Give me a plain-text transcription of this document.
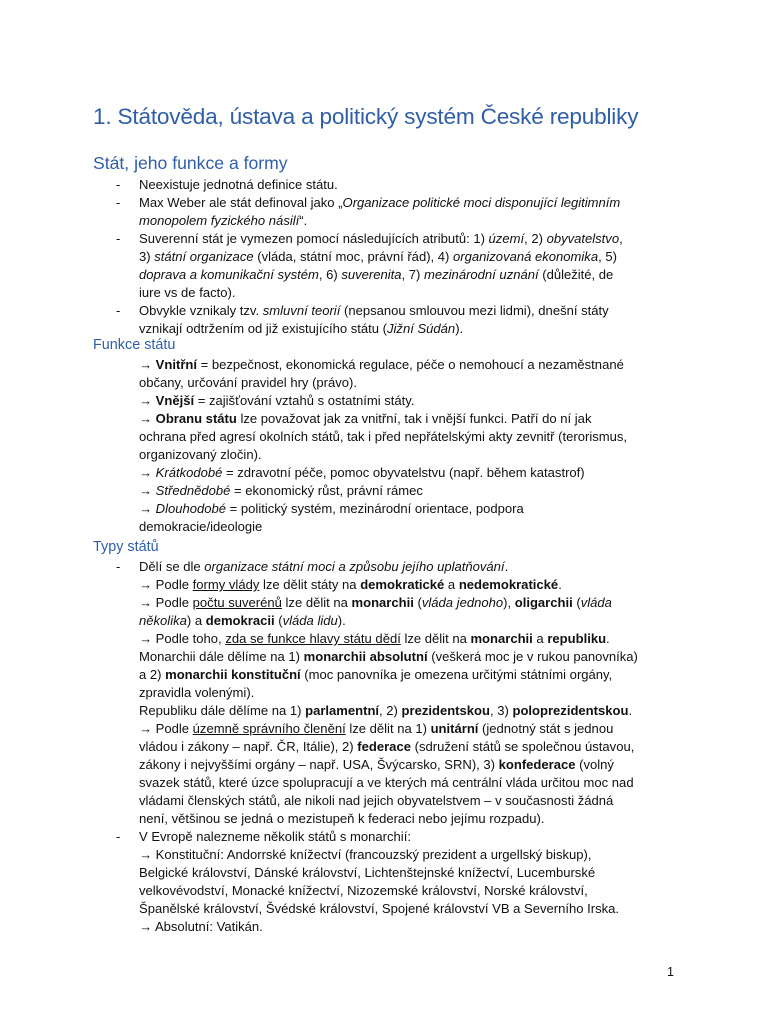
1. Státověda, ústava a politický systém České republiky
Stát, jeho funkce a formy
- Neexistuje jednotná definice státu.
- Max Weber ale stát definoval jako „Organizace politické moci disponující legitimním
monopolem fyzického násilí“.
- Suverenní stát je vymezen pomocí následujících atributů: 1) území, 2) obyvatelstvo,
3) státní organizace (vláda, státní moc, právní řád), 4) organizovaná ekonomika, 5)
doprava a komunikační systém, 6) suverenita, 7) mezinárodní uznání (důležité, de
iure vs de facto).
- Obvykle vznikaly tzv. smluvní teorií (nepsanou smlouvou mezi lidmi), dnešní státy
vznikají odtržením od již existujícího státu (Jižní Súdán).
Funkce státu
→ Vnitřní = bezpečnost, ekonomická regulace, péče o nemohoucí a nezaměstnané
občany, určování pravidel hry (právo).
→ Vnější = zajišťování vztahů s ostatními státy.
→ Obranu státu lze považovat jak za vnitřní, tak i vnější funkci. Patří do ní jak
ochrana před agresí okolních států, tak i před nepřátelskými akty zevnitř (terorismus,
organizovaný zločin).
→ Krátkodobé = zdravotní péče, pomoc obyvatelstvu (např. během katastrof)
→ Střednědobé = ekonomický růst, právní rámec
→ Dlouhodobé = politický systém, mezinárodní orientace, podpora
demokracie/ideologie
Typy států
- Dělí se dle organizace státní moci a způsobu jejího uplatňování.
→ Podle formy vlády lze dělit státy na demokratické a nedemokratické.
→ Podle počtu suverénů lze dělit na monarchii (vláda jednoho), oligarchii (vláda
několika) a demokracii (vláda lidu).
→ Podle toho, zda se funkce hlavy státu dědí lze dělit na monarchii a republiku.
Monarchii dále dělíme na 1) monarchii absolutní (veškerá moc je v rukou panovníka)
a 2) monarchii konstituční (moc panovníka je omezena určitými státními orgány,
zpravidla volenými).
Republiku dále dělíme na 1) parlamentní, 2) prezidentskou, 3) poloprezidentskou.
→ Podle územně správního členění lze dělit na 1) unitární (jednotný stát s jednou
vládou i zákony – např. ČR, Itálie), 2) federace (sdružení států se společnou ústavou,
zákony i nejvyššími orgány – např. USA, Švýcarsko, SRN), 3) konfederace (volný
svazek států, které úzce spolupracují a ve kterých má centrální vláda určitou moc nad
vládami členských států, ale nikoli nad jejich obyvatelstvem – v současnosti žádná
není, většinou se jedná o mezistupeň k federaci nebo jejímu rozpadu).
- V Evropě nalezneme několik států s monarchií:
→ Konstituční: Andorrské knížectví (francouzský prezident a urgellský biskup),
Belgické království, Dánské království, Lichtenštejnské knížectví, Lucemburské
velkovévodství, Monacké knížectví, Nizozemské království, Norské království,
Španělské království, Švédské království, Spojené království VB a Severního Irska.
→ Absolutní: Vatikán.
1
